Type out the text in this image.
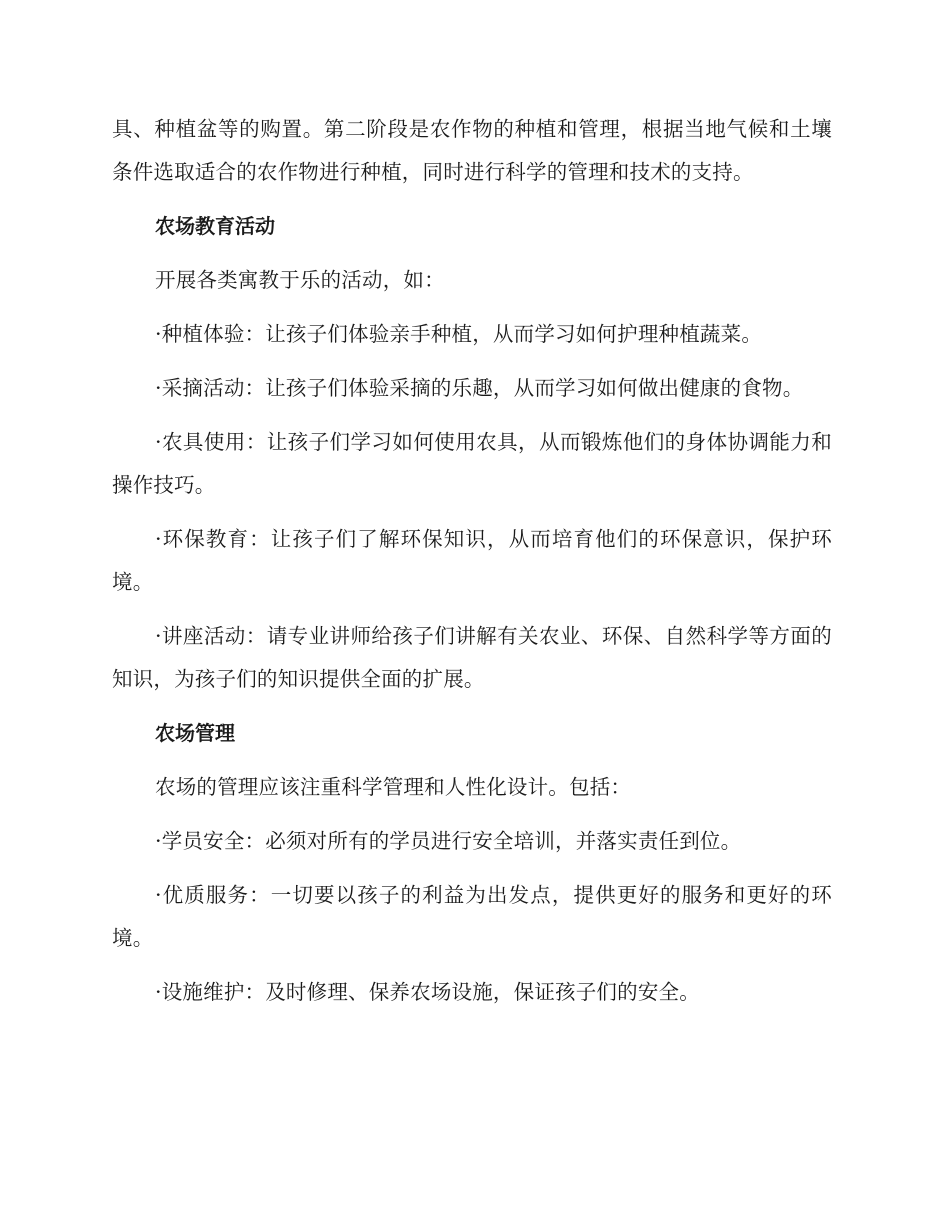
具、种植盆等的购置。第二阶段是农作物的种植和管理，根据当地气候和土壤条件选取适合的农作物进行种植，同时进行科学的管理和技术的支持。

农场教育活动

开展各类寓教于乐的活动，如：

·种植体验：让孩子们体验亲手种植，从而学习如何护理种植蔬菜。

·采摘活动：让孩子们体验采摘的乐趣，从而学习如何做出健康的食物。

·农具使用：让孩子们学习如何使用农具，从而锻炼他们的身体协调能力和操作技巧。

·环保教育：让孩子们了解环保知识，从而培育他们的环保意识，保护环境。

·讲座活动：请专业讲师给孩子们讲解有关农业、环保、自然科学等方面的知识，为孩子们的知识提供全面的扩展。

农场管理

农场的管理应该注重科学管理和人性化设计。包括：

·学员安全：必须对所有的学员进行安全培训，并落实责任到位。

·优质服务：一切要以孩子的利益为出发点，提供更好的服务和更好的环境。

·设施维护：及时修理、保养农场设施，保证孩子们的安全。
